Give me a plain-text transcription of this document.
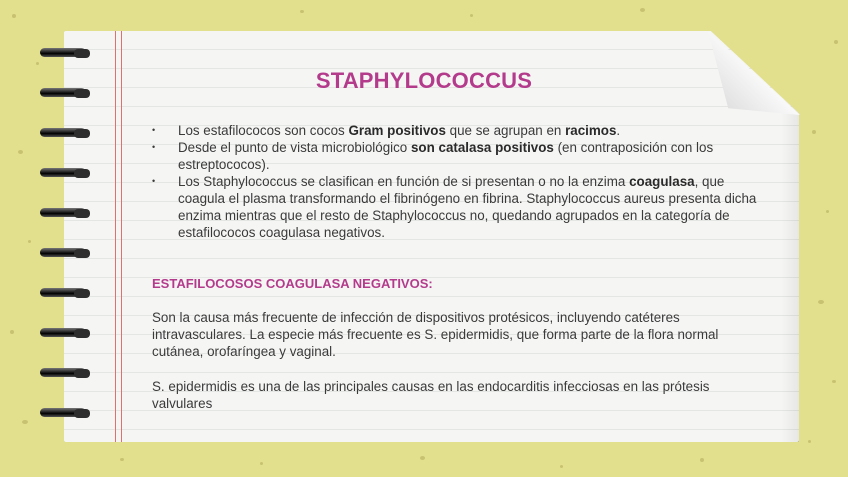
STAPHYLOCOCCUS
• Los estafilococos son cocos Gram positivos que se agrupan en racimos.
• Desde el punto de vista microbiológico son catalasa positivos (en contraposición con los estreptococos).
• Los Staphylococcus se clasifican en función de si presentan o no la enzima coagulasa, que coagula el plasma transformando el fibrinógeno en fibrina. Staphylococcus aureus presenta dicha enzima mientras que el resto de Staphylococcus no, quedando agrupados en la categoría de estafilococos coagulasa negativos.
ESTAFILOCOSOS COAGULASA NEGATIVOS:
Son la causa más frecuente de infección de dispositivos protésicos, incluyendo catéteres intravasculares. La especie más frecuente es S. epidermidis, que forma parte de la flora normal cutánea, orofaríngea y vaginal.
S. epidermidis es una de las principales causas en las endocarditis infecciosas en las prótesis valvulares
